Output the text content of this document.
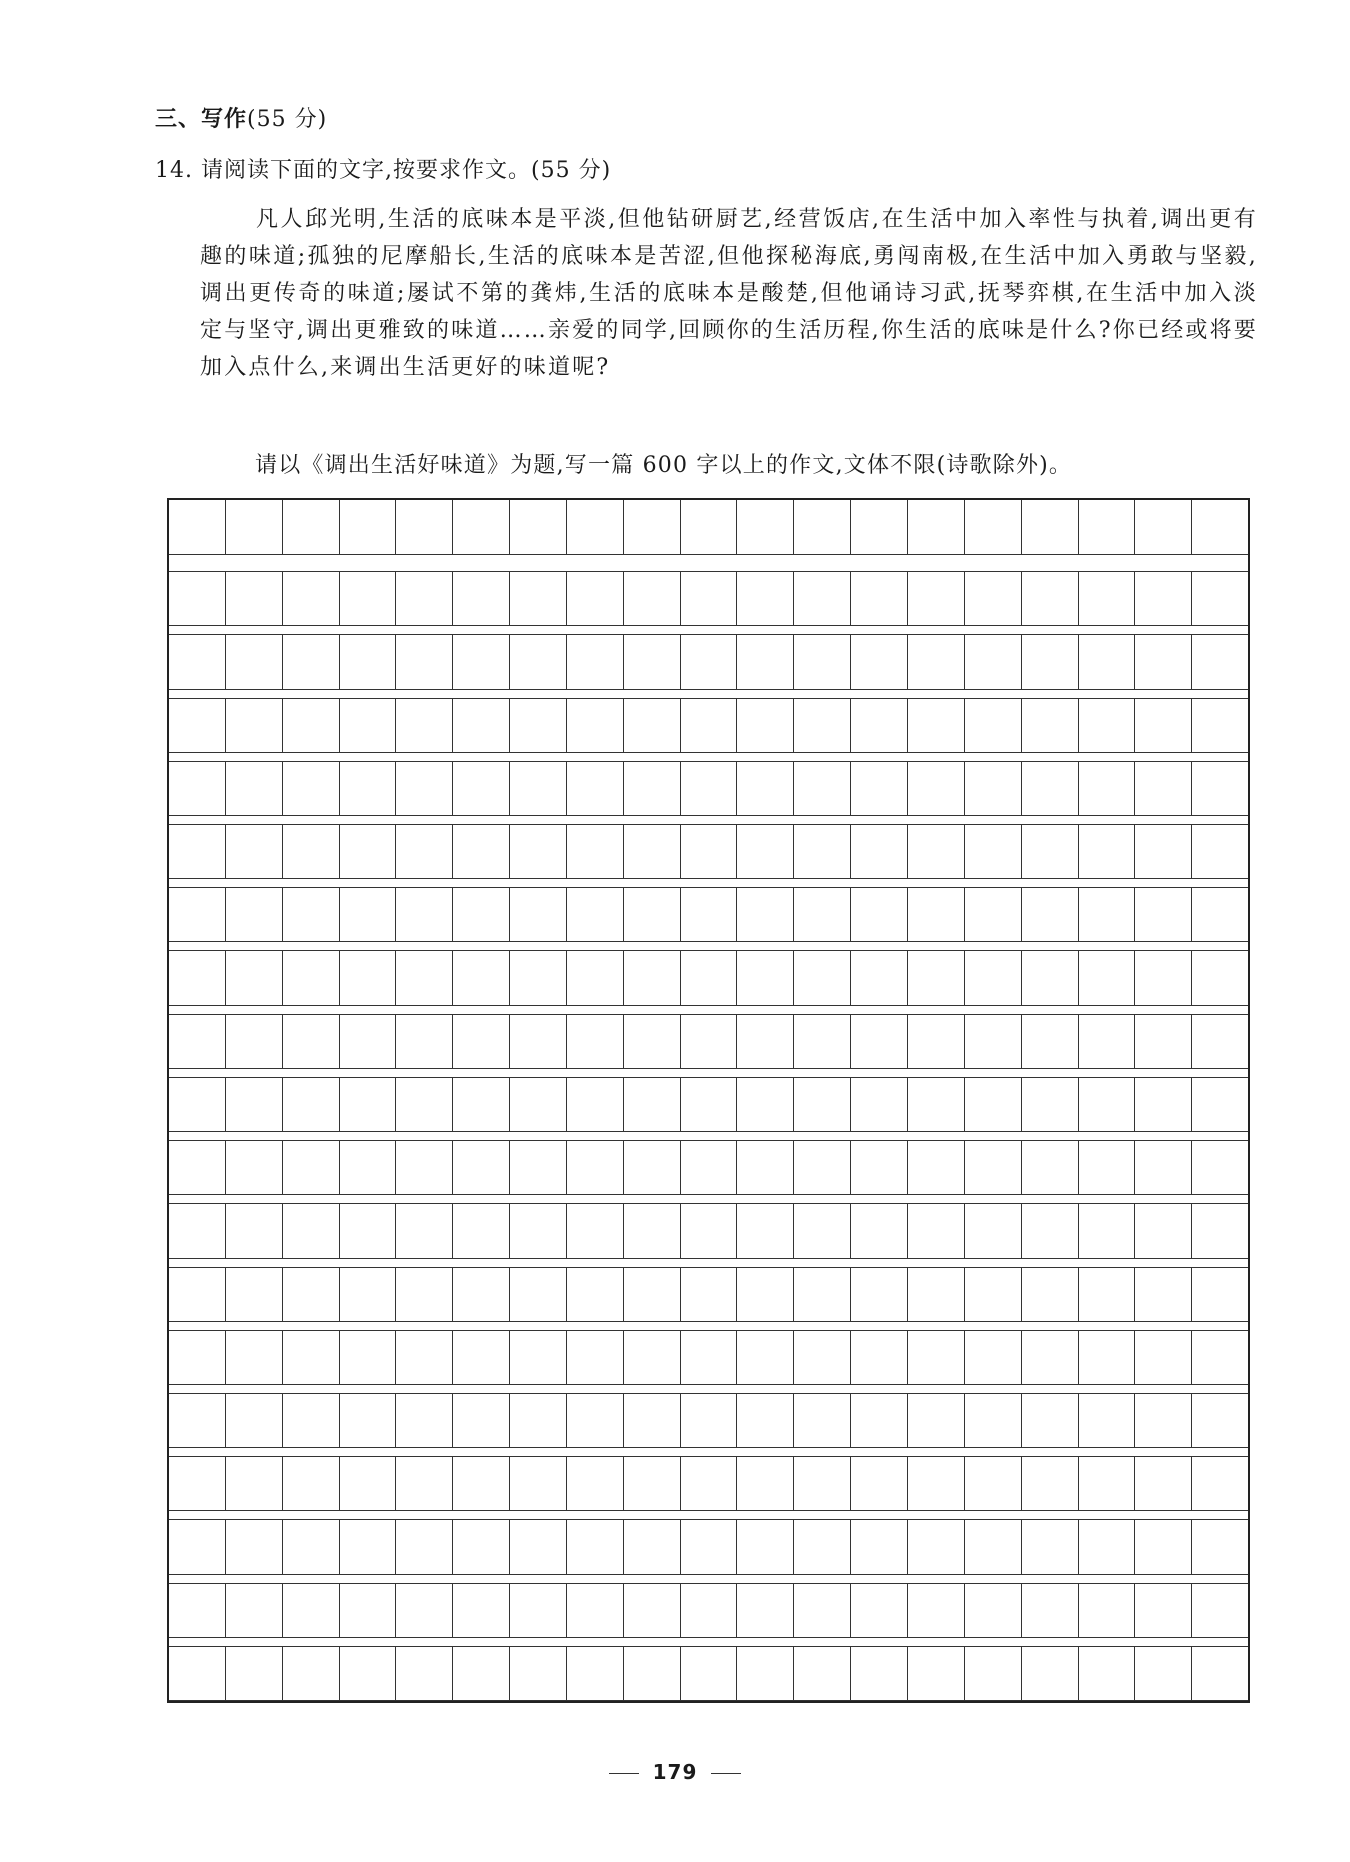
三、写作(55 分)
14. 请阅读下面的文字,按要求作文。(55 分)

凡人邱光明,生活的底味本是平淡,但他钻研厨艺,经营饭店,在生活中加入率性与执着,调出更有趣的味道;孤独的尼摩船长,生活的底味本是苦涩,但他探秘海底,勇闯南极,在生活中加入勇敢与坚毅,调出更传奇的味道;屡试不第的龚炜,生活的底味本是酸楚,但他诵诗习武,抚琴弈棋,在生活中加入淡定与坚守,调出更雅致的味道……亲爱的同学,回顾你的生活历程,你生活的底味是什么?你已经或将要加入点什么,来调出生活更好的味道呢?

请以《调出生活好味道》为题,写一篇 600 字以上的作文,文体不限(诗歌除外)。
179
